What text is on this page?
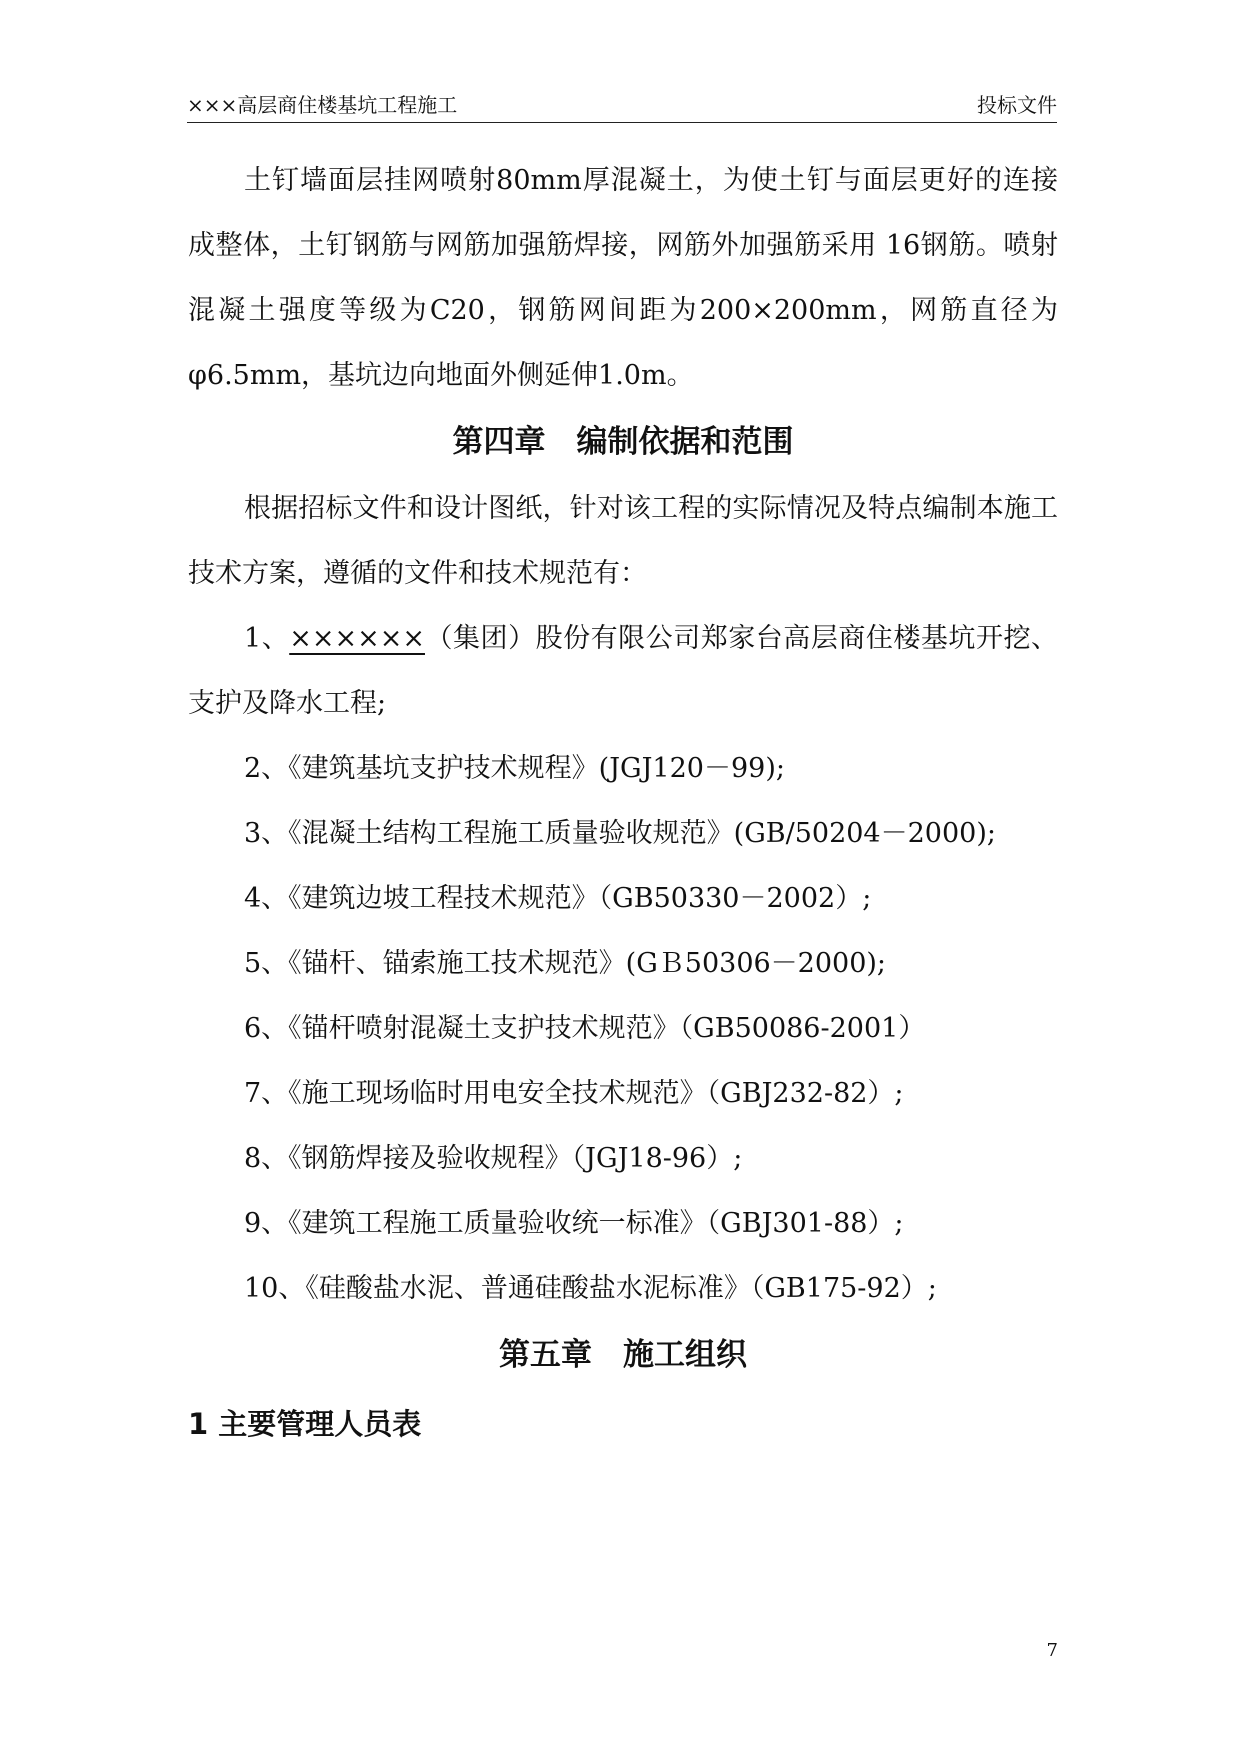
×××高层商住楼基坑工程施工	投标文件

土钉墙面层挂网喷射80mm厚混凝土，为使土钉与面层更好的连接成整体，土钉钢筋与网筋加强筋焊接，网筋外加强筋采用 16钢筋。喷射混凝土强度等级为C20，钢筋网间距为200×200mm，网筋直径为φ6.5mm，基坑边向地面外侧延伸1.0m。

第四章　编制依据和范围

根据招标文件和设计图纸，针对该工程的实际情况及特点编制本施工技术方案，遵循的文件和技术规范有：

1、××××××（集团）股份有限公司郑家台高层商住楼基坑开挖、支护及降水工程;

2、《建筑基坑支护技术规程》(JGJ120－99);

3、《混凝土结构工程施工质量验收规范》(GB/50204－2000);

4、《建筑边坡工程技术规范》（GB50330－2002）;

5、《锚杆、锚索施工技术规范》(GＢ50306－2000);

6、《锚杆喷射混凝土支护技术规范》（GB50086-2001）

7、《施工现场临时用电安全技术规范》（GBJ232-82）;

8、《钢筋焊接及验收规程》（JGJ18-96）;

9、《建筑工程施工质量验收统一标准》（GBJ301-88）;

10、《硅酸盐水泥、普通硅酸盐水泥标准》（GB175-92）;

第五章　施工组织
1 主要管理人员表
7
